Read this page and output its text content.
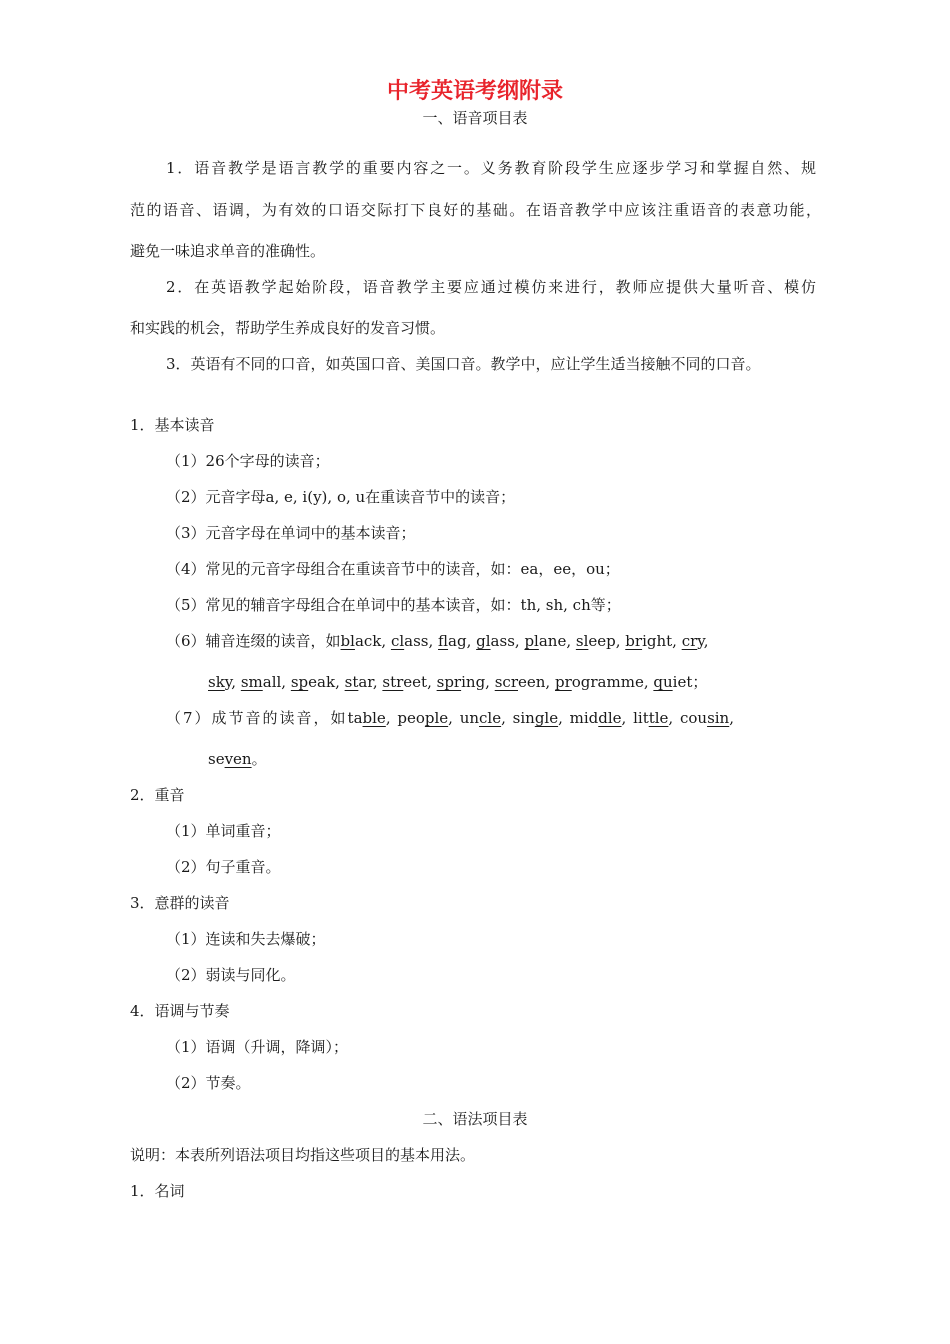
中考英语考纲附录
一、语音项目表
1．语音教学是语言教学的重要内容之一。义务教育阶段学生应逐步学习和掌握自然、规
范的语音、语调，为有效的口语交际打下良好的基础。在语音教学中应该注重语音的表意功能，
避免一味追求单音的准确性。
2．在英语教学起始阶段，语音教学主要应通过模仿来进行，教师应提供大量听音、模仿
和实践的机会，帮助学生养成良好的发音习惯。
3．英语有不同的口音，如英国口音、美国口音。教学中，应让学生适当接触不同的口音。
1．基本读音
（1）26个字母的读音；
（2）元音字母a, e, i(y), o, u在重读音节中的读音；
（3）元音字母在单词中的基本读音；
（4）常见的元音字母组合在重读音节中的读音，如：ea，ee，ou；
（5）常见的辅音字母组合在单词中的基本读音，如：th, sh, ch等；
（6）辅音连缀的读音，如black, class, flag, glass, plane, sleep, bright, cry,
sky, small, speak, star, street, spring, screen, programme, quiet；
（7）成节音的读音，如table, people, uncle, single, middle, little, cousin,
seven。
2．重音
（1）单词重音；
（2）句子重音。
3．意群的读音
（1）连读和失去爆破；
（2）弱读与同化。
4．语调与节奏
（1）语调（升调，降调）；
（2）节奏。
二、语法项目表
说明：本表所列语法项目均指这些项目的基本用法。
1．名词
